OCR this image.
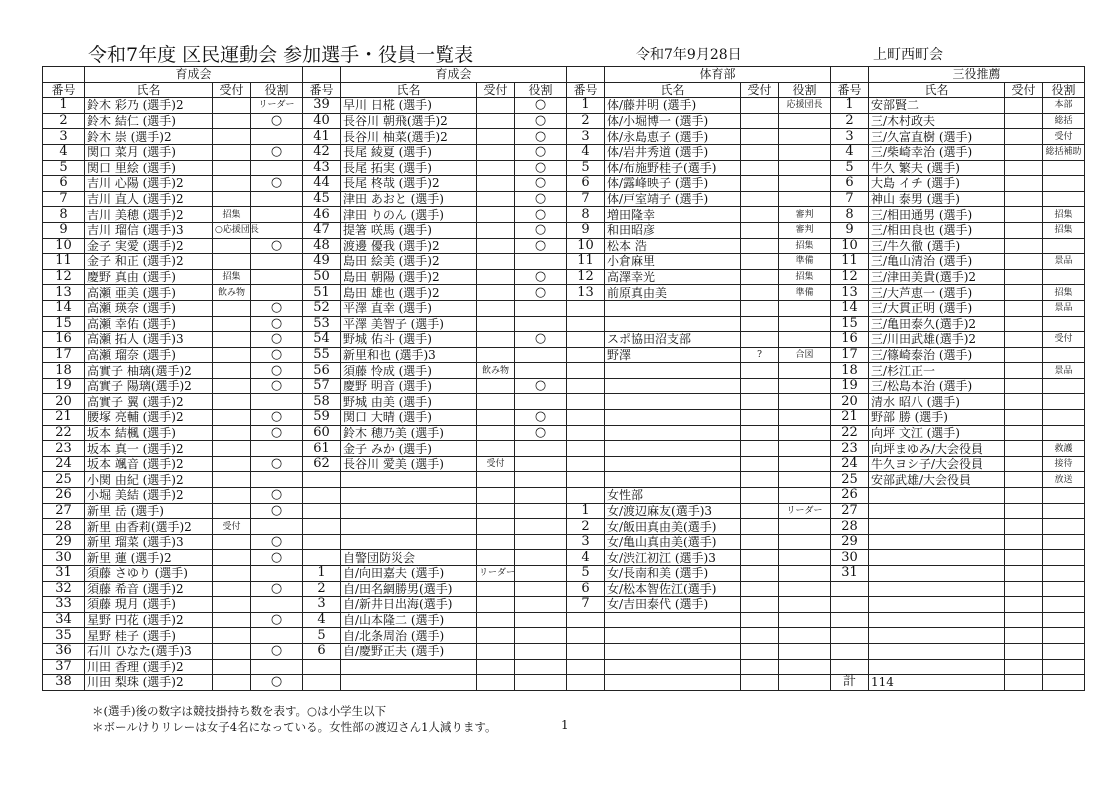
令和7年度 区民運動会 参加選手・役員一覧表	令和7年9月28日	上町西町会
	育成会				育成会				体育部				三役推薦		
番号	氏名	受付	役割	番号	氏名	受付	役割	番号	氏名	受付	役割	番号	氏名	受付	役割
1	鈴木 彩乃 (選手)2		リーダー	39	早川 日椛 (選手)		○	1	体/藤井明 (選手)		応援団長	1	安部賢二		本部
2	鈴木 結仁 (選手)		○	40	長谷川 朝飛(選手)2		○	2	体/小堀博一 (選手)			2	三/木村政夫		総括
3	鈴木 崇 (選手)2			41	長谷川 柚菜(選手)2		○	3	体/永島恵子 (選手)			3	三/久富直樹 (選手)		受付
4	関口 菜月 (選手)		○	42	長尾 綾夏 (選手)		○	4	体/岩井秀道 (選手)			4	三/柴崎幸治 (選手)		総括補助
5	関口 里絵 (選手)			43	長尾 拓実 (選手)		○	5	体/布施野桂子(選手)			5	牛久 繁夫 (選手)		
6	吉川 心陽 (選手)2		○	44	長尾 柊哉 (選手)2		○	6	体/露峰映子 (選手)			6	大島 イチ (選手)		
7	吉川 直人 (選手)2			45	津田 あおと (選手)		○	7	体/戸室靖子 (選手)			7	神山 泰男 (選手)		
8	吉川 美穂 (選手)2	招集		46	津田 りのん (選手)		○	8	増田隆幸		審判	8	三/相田通男 (選手)		招集
9	吉川 瑠信 (選手)3	○応援団長		47	提箸 咲馬 (選手)		○	9	和田昭彦		審判	9	三/相田良也 (選手)		招集
10	金子 実愛 (選手)2		○	48	渡邊 優我 (選手)2		○	10	松本 浩		招集	10	三/牛久徹 (選手)		
11	金子 和正 (選手)2			49	島田 絵美 (選手)2			11	小倉麻里		準備	11	三/亀山清治 (選手)		景品
12	慶野 真由 (選手)	招集		50	島田 朝陽 (選手)2		○	12	高澤幸光		招集	12	三/津田美貴(選手)2		
13	高瀬 亜美 (選手)	飲み物		51	島田 雄也 (選手)2		○	13	前原真由美		準備	13	三/大芦恵一 (選手)		招集
14	高瀬 瑛奈 (選手)		○	52	平澤 直幸 (選手)							14	三/大貫正明 (選手)		景品
15	高瀬 幸佑 (選手)		○	53	平澤 美智子 (選手)							15	三/亀田泰久(選手)2		
16	高瀬 拓人 (選手)3		○	54	野城 佑斗 (選手)		○		スポ協田沼支部			16	三/川田武雄(選手)2		受付
17	高瀬 瑠奈 (選手)		○	55	新里和也 (選手)3				野澤	?	合図	17	三/篠崎泰治 (選手)		
18	高實子 柚璃(選手)2		○	56	須藤 怜成 (選手)	飲み物						18	三/杉江正一		景品
19	高實子 陽璃(選手)2		○	57	慶野 明音 (選手)		○					19	三/松島本治 (選手)		
20	高實子 翼 (選手)2			58	野城 由美 (選手)							20	清水 昭八 (選手)		
21	腰塚 亮輔 (選手)2		○	59	関口 大晴 (選手)		○					21	野部 勝 (選手)		
22	坂本 結楓 (選手)		○	60	鈴木 穂乃美 (選手)		○					22	向坪 文江 (選手)		
23	坂本 真一 (選手)2			61	金子 みか (選手)							23	向坪まゆみ/大会役員		救護
24	坂本 颯音 (選手)2		○	62	長谷川 愛美 (選手)	受付						24	牛久ヨシ子/大会役員		接待
25	小関 由紀 (選手)2											25	安部武雄/大会役員		放送
26	小堀 美結 (選手)2		○						女性部			26			
27	新里 岳 (選手)		○					1	女/渡辺麻友(選手)3		リーダー	27			
28	新里 由香莉(選手)2	受付						2	女/飯田真由美(選手)			28			
29	新里 瑠菜 (選手)3		○					3	女/亀山真由美(選手)			29			
30	新里 蓮 (選手)2		○		自警団防災会			4	女/渋江初江 (選手)3			30			
31	須藤 さゆり (選手)			1	自/向田嘉夫 (選手)	リーダー		5	女/長南和美 (選手)			31			
32	須藤 希音 (選手)2		○	2	自/田名網勝男(選手)			6	女/松本智佐江(選手)						
33	須藤 現月 (選手)			3	自/新井日出海(選手)			7	女/吉田泰代 (選手)						
34	星野 円花 (選手)2		○	4	自/山本隆二 (選手)										
35	星野 桂子 (選手)			5	自/北条周治 (選手)										
36	石川 ひなた(選手)3		○	6	自/慶野正夫 (選手)										
37	川田 香理 (選手)2														
38	川田 梨珠 (選手)2		○									計	114		
＊(選手)後の数字は競技掛持ち数を表す。○は小学生以下
＊ボールけりリレーは女子4名になっている。女性部の渡辺さん1人減ります。	1
